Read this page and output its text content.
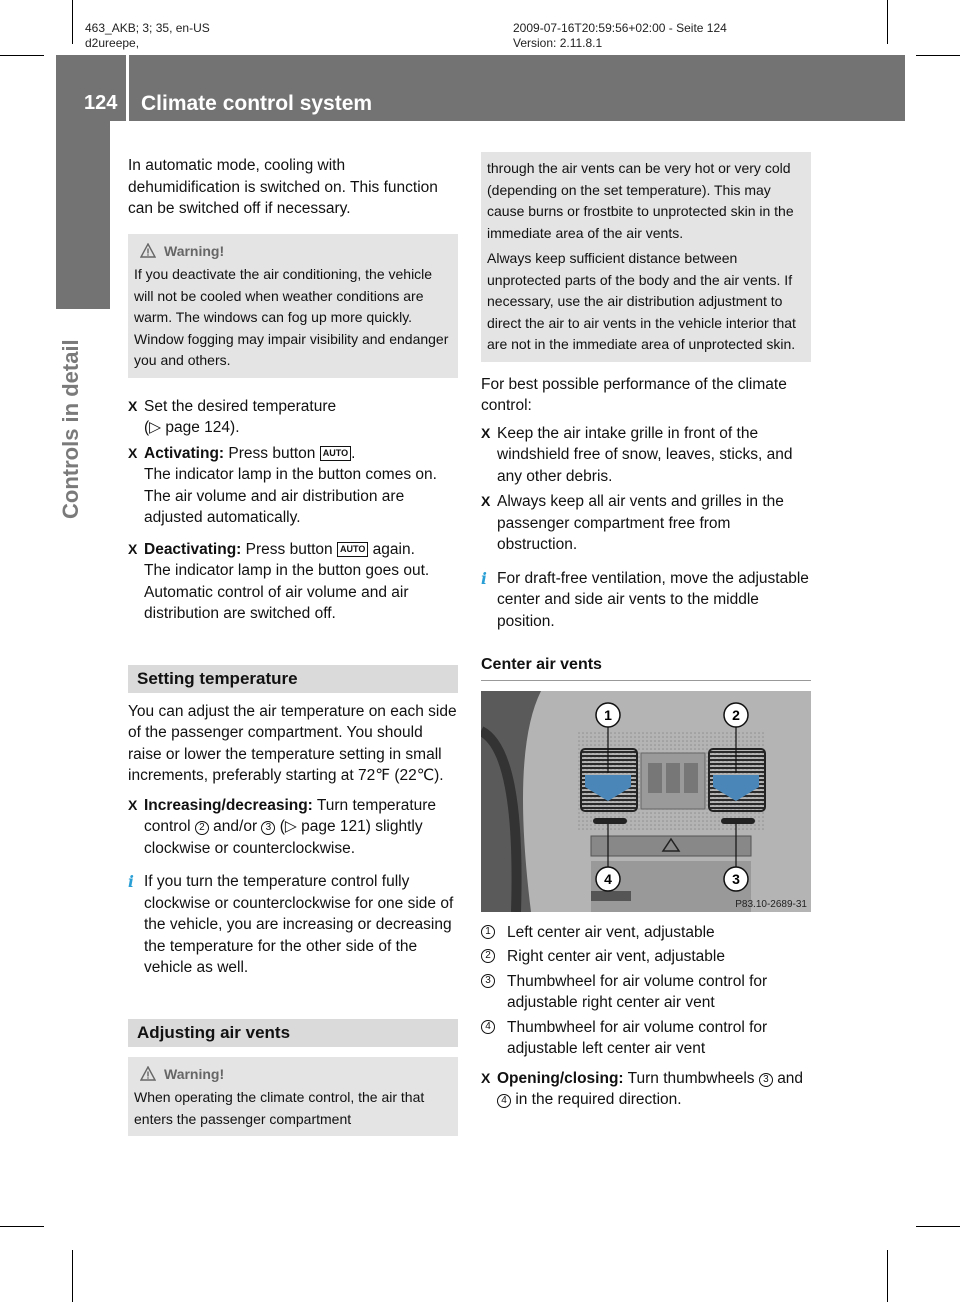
463_AKB; 3; 35, en-US
d2ureepe,
2009-07-16T20:59:56+02:00 - Seite 124
Version: 2.11.8.1
124 Climate control system
Controls in detail

In automatic mode, cooling with dehumidification is switched on. This function can be switched off if necessary.

Warning!

If you deactivate the air conditioning, the vehicle will not be cooled when weather conditions are warm. The windows can fog up more quickly. Window fogging may impair visibility and endanger you and others.

X Set the desired temperature

(▷ page 124).

X Activating: Press button AUTO .

The indicator lamp in the button comes on. The air volume and air distribution are adjusted automatically.

X Deactivating: Press button AUTO again.

The indicator lamp in the button goes out. Automatic control of air volume and air distribution are switched off.

Setting temperature

You can adjust the air temperature on each side of the passenger compartment. You should raise or lower the temperature setting in small increments, preferably starting at 72℉ (22℃).

X Increasing/decreasing: Turn temperature control 2 and/or 3 (▷ page 121) slightly clockwise or counterclockwise.

i If you turn the temperature control fully clockwise or counterclockwise for one side of the vehicle, you are increasing or decreasing the temperature for the other side of the vehicle as well.

Adjusting air vents
Warning!

When operating the climate control, the air that enters the passenger compartment

through the air vents can be very hot or very cold (depending on the set temperature). This may cause burns or frostbite to unprotected skin in the immediate area of the air vents.

Always keep sufficient distance between unprotected parts of the body and the air vents. If necessary, use the air distribution adjustment to direct the air to air vents in the vehicle interior that are not in the immediate area of unprotected skin.

For best possible performance of the climate control:

X Keep the air intake grille in front of the windshield free of snow, leaves, sticks, and any other debris.

X Always keep all air vents and grilles in the passenger compartment free from obstruction.

i For draft-free ventilation, move the adjustable center and side air vents to the middle position.

Center air vents
1	2
4	3
P83.10-2689-31
1 Left center air vent, adjustable

2 Right center air vent, adjustable

3 Thumbwheel for air volume control for adjustable right center air vent

4 Thumbwheel for air volume control for adjustable left center air vent

X Opening/closing: Turn thumbwheels 3 and 4 in the required direction.
